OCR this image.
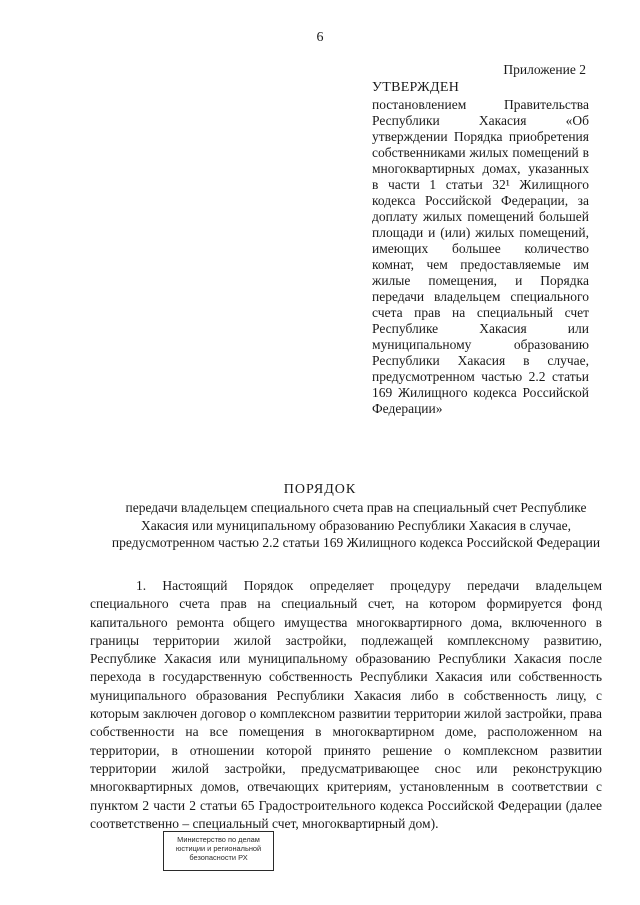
6
Приложение 2
УТВЕРЖДЕН
постановлением Правительства Республики Хакасия «Об утверждении Порядка приобретения собственниками жилых помещений в многоквартирных домах, указанных в части 1 статьи 32¹ Жилищного кодекса Российской Федерации, за доплату жилых помещений большей площади и (или) жилых помещений, имеющих большее количество комнат, чем предоставляемые им жилые помещения, и Порядка передачи владельцем специального счета прав на специальный счет Республике Хакасия или муниципальному образованию Республики Хакасия в случае, предусмотренном частью 2.2 статьи 169 Жилищного кодекса Российской Федерации»
ПОРЯДОК
передачи владельцем специального счета прав на специальный счет Республике Хакасия или муниципальному образованию Республики Хакасия в случае, предусмотренном частью 2.2 статьи 169 Жилищного кодекса Российской Федерации

1. Настоящий Порядок определяет процедуру передачи владельцем специального счета прав на специальный счет, на котором формируется фонд капитального ремонта общего имущества многоквартирного дома, включенного в границы территории жилой застройки, подлежащей комплексному развитию, Республике Хакасия или муниципальному образованию Республики Хакасия после перехода в государственную собственность Республики Хакасия или собственность муниципального образования Республики Хакасия либо в собственность лицу, с которым заключен договор о комплексном развитии территории жилой застройки, права собственности на все помещения в многоквартирном доме, расположенном на территории, в отношении которой принято решение о комплексном развитии территории жилой застройки, предусматривающее снос или реконструкцию многоквартирных домов, отвечающих критериям, установленным в соответствии с пунктом 2 части 2 статьи 65 Градостроительного кодекса Российской Федерации (далее соответственно – специальный счет, многоквартирный дом).

Министерство по делам
юстиции и региональной
безопасности РХ
